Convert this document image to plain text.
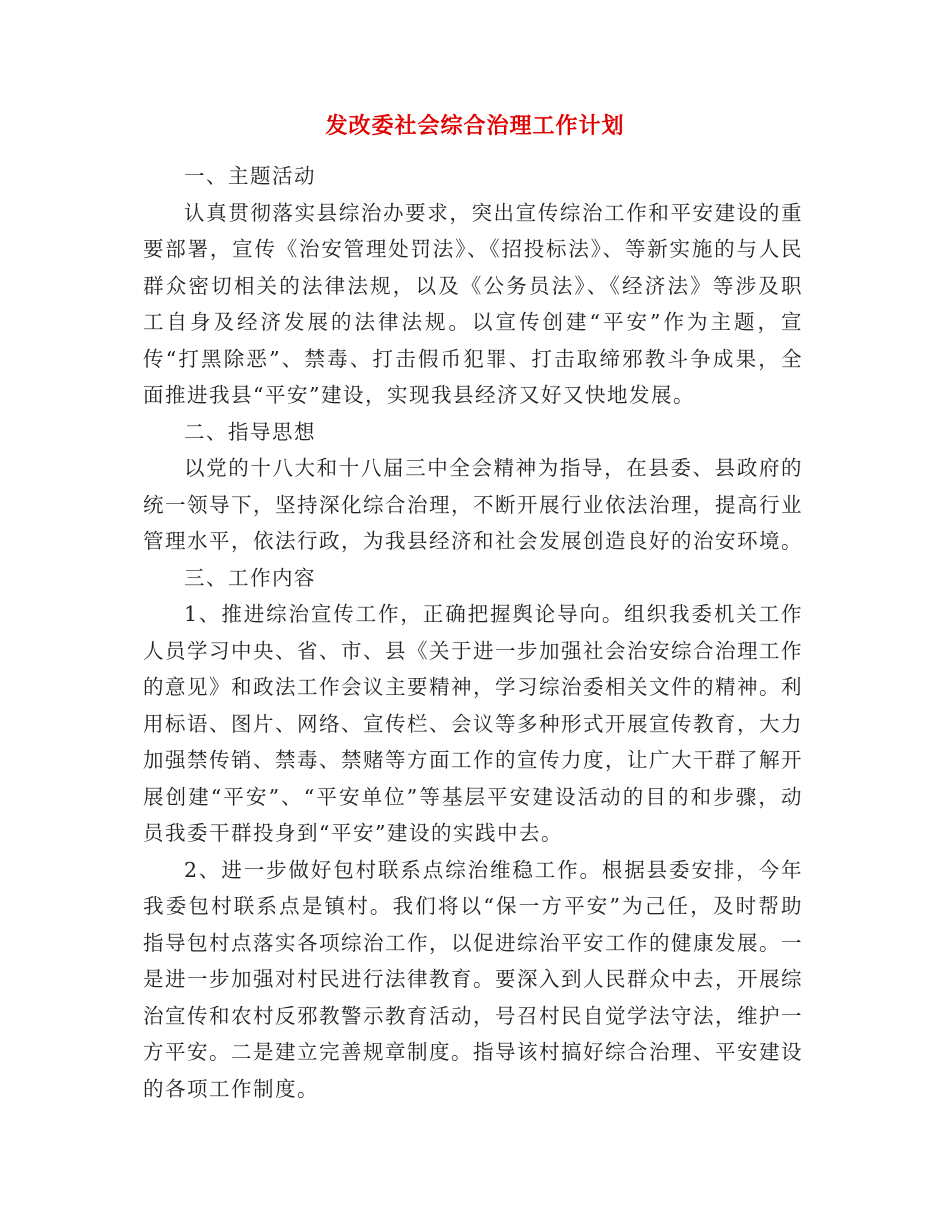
发改委社会综合治理工作计划

一、主题活动

认真贯彻落实县综治办要求，突出宣传综治工作和平安建设的重要部署，宣传《治安管理处罚法》、《招投标法》、等新实施的与人民群众密切相关的法律法规，以及《公务员法》、《经济法》等涉及职工自身及经济发展的法律法规。以宣传创建“平安”作为主题，宣传“打黑除恶”、禁毒、打击假币犯罪、打击取缔邪教斗争成果，全面推进我县“平安”建设，实现我县经济又好又快地发展。

二、指导思想

以党的十八大和十八届三中全会精神为指导，在县委、县政府的统一领导下，坚持深化综合治理，不断开展行业依法治理，提高行业管理水平，依法行政，为我县经济和社会发展创造良好的治安环境。

三、工作内容

1、推进综治宣传工作，正确把握舆论导向。组织我委机关工作人员学习中央、省、市、县《关于进一步加强社会治安综合治理工作的意见》和政法工作会议主要精神，学习综治委相关文件的精神。利用标语、图片、网络、宣传栏、会议等多种形式开展宣传教育，大力加强禁传销、禁毒、禁赌等方面工作的宣传力度，让广大干群了解开展创建“平安”、“平安单位”等基层平安建设活动的目的和步骤，动员我委干群投身到“平安”建设的实践中去。

2、进一步做好包村联系点综治维稳工作。根据县委安排，今年我委包村联系点是镇村。我们将以“保一方平安”为己任，及时帮助指导包村点落实各项综治工作，以促进综治平安工作的健康发展。一是进一步加强对村民进行法律教育。要深入到人民群众中去，开展综治宣传和农村反邪教警示教育活动，号召村民自觉学法守法，维护一方平安。二是建立完善规章制度。指导该村搞好综合治理、平安建设的各项工作制度。
